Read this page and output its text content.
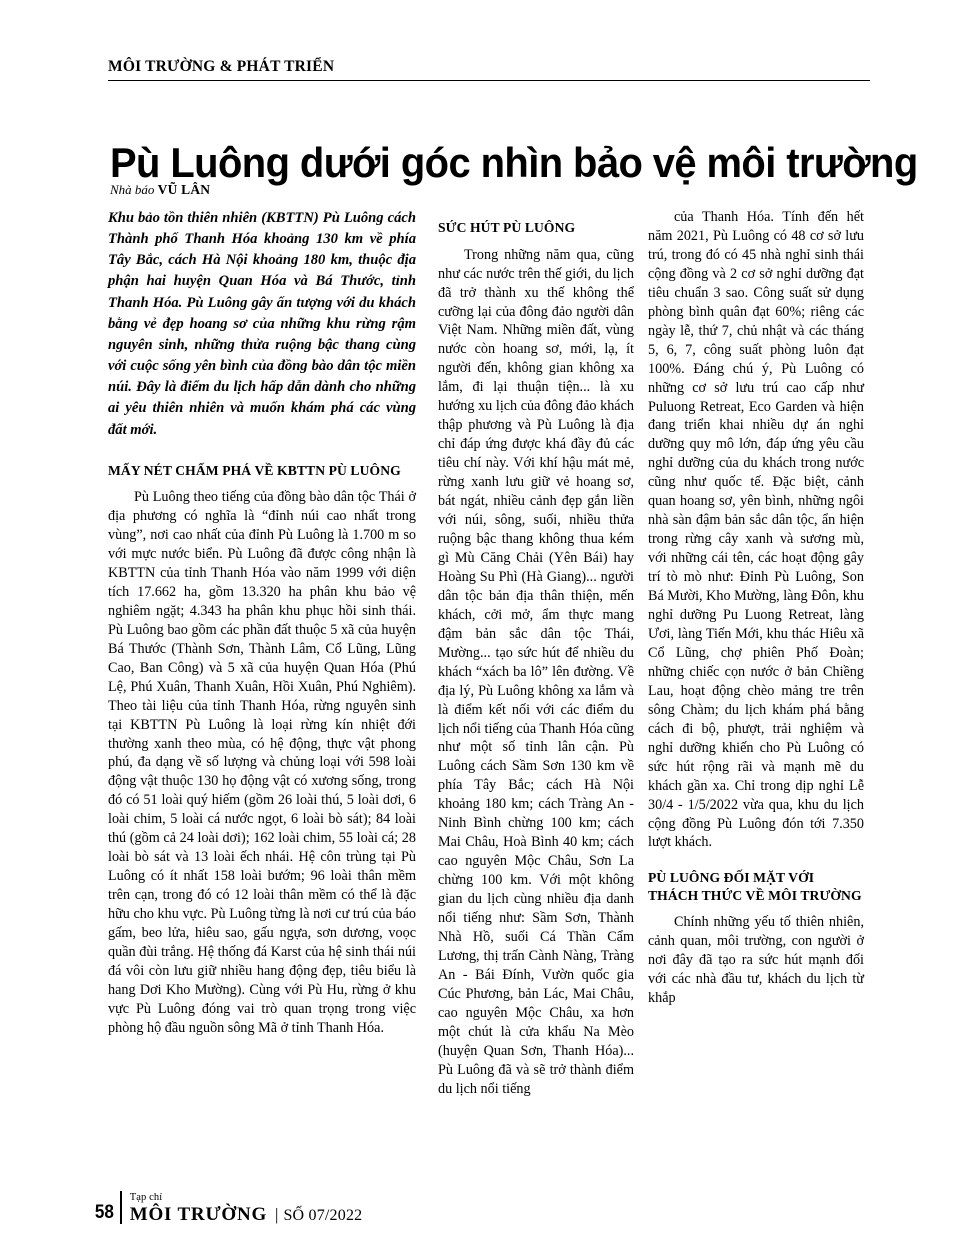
MÔI TRƯỜNG & PHÁT TRIỂN
Pù Luông dưới góc nhìn bảo vệ môi trường
Nhà báo VŨ LÂN

Khu bảo tồn thiên nhiên (KBTTN) Pù Luông cách Thành phố Thanh Hóa khoảng 130 km về phía Tây Bắc, cách Hà Nội khoảng 180 km, thuộc địa phận hai huyện Quan Hóa và Bá Thước, tỉnh Thanh Hóa. Pù Luông gây ấn tượng với du khách bằng vẻ đẹp hoang sơ của những khu rừng rậm nguyên sinh, những thửa ruộng bậc thang cùng với cuộc sống yên bình của đồng bào dân tộc miền núi. Đây là điểm du lịch hấp dẫn dành cho những ai yêu thiên nhiên và muốn khám phá các vùng đất mới.

MẤY NÉT CHẤM PHÁ VỀ KBTTN PÙ LUÔNG

Pù Luông theo tiếng của đồng bào dân tộc Thái ở địa phương có nghĩa là “đỉnh núi cao nhất trong vùng”, nơi cao nhất của đỉnh Pù Luông là 1.700 m so với mực nước biển. Pù Luông đã được công nhận là KBTTN của tỉnh Thanh Hóa vào năm 1999 với diện tích 17.662 ha, gồm 13.320 ha phân khu bảo vệ nghiêm ngặt; 4.343 ha phân khu phục hồi sinh thái. Pù Luông bao gồm các phần đất thuộc 5 xã của huyện Bá Thước (Thành Sơn, Thành Lâm, Cổ Lũng, Lũng Cao, Ban Công) và 5 xã của huyện Quan Hóa (Phú Lệ, Phú Xuân, Thanh Xuân, Hồi Xuân, Phú Nghiêm). Theo tài liệu của tỉnh Thanh Hóa, rừng nguyên sinh tại KBTTN Pù Luông là loại rừng kín nhiệt đới thường xanh theo mùa, có hệ động, thực vật phong phú, đa dạng về số lượng và chủng loại với 598 loài động vật thuộc 130 họ động vật có xương sống, trong đó có 51 loài quý hiếm (gồm 26 loài thú, 5 loài dơi, 6 loài chim, 5 loài cá nước ngọt, 6 loài bò sát); 84 loài thú (gồm cả 24 loài dơi); 162 loài chim, 55 loài cá; 28 loài bò sát và 13 loài ếch nhái. Hệ côn trùng tại Pù Luông có ít nhất 158 loài bướm; 96 loài thân mềm trên cạn, trong đó có 12 loài thân mềm có thể là đặc hữu cho khu vực. Pù Luông từng là nơi cư trú của báo gấm, beo lửa, hiêu sao, gấu ngựa, sơn dương, voọc quần đùi trắng. Hệ thống đá Karst của hệ sinh thái núi đá vôi còn lưu giữ nhiều hang động đẹp, tiêu biểu là hang Dơi Kho Mường). Cùng với Pù Hu, rừng ở khu vực Pù Luông đóng vai trò quan trọng trong việc phòng hộ đầu nguồn sông Mã ở tỉnh Thanh Hóa.

SỨC HÚT PÙ LUÔNG

Trong những năm qua, cũng như các nước trên thế giới, du lịch đã trở thành xu thế không thể cưỡng lại của đông đảo người dân Việt Nam. Những miền đất, vùng nước còn hoang sơ, mới, lạ, ít người đến, không gian không xa lắm, đi lại thuận tiện... là xu hướng xu lịch của đông đảo khách thập phương và Pù Luông là địa chỉ đáp ứng được khá đầy đủ các tiêu chí này. Với khí hậu mát mẻ, rừng xanh lưu giữ vẻ hoang sơ, bát ngát, nhiều cảnh đẹp gắn liền với núi, sông, suối, nhiều thửa ruộng bậc thang không thua kém gì Mù Căng Chải (Yên Bái) hay Hoàng Su Phì (Hà Giang)... người dân tộc bản địa thân thiện, mến khách, cởi mở, ẩm thực mang đậm bản sắc dân tộc Thái, Mường... tạo sức hút để nhiều du khách “xách ba lô” lên đường. Về địa lý, Pù Luông không xa lắm và là điểm kết nối với các điểm du lịch nổi tiếng của Thanh Hóa cũng như một số tỉnh lân cận. Pù Luông cách Sầm Sơn 130 km về phía Tây Bắc; cách Hà Nội khoảng 180 km; cách Tràng An - Ninh Bình chừng 100 km; cách Mai Châu, Hoà Bình 40 km; cách cao nguyên Mộc Châu, Sơn La chừng 100 km. Với một không gian du lịch cùng nhiều địa danh nổi tiếng như: Sầm Sơn, Thành Nhà Hồ, suối Cá Thần Cẩm Lương, thị trấn Cành Nàng, Tràng An - Bái Đính, Vườn quốc gia Cúc Phương, bản Lác, Mai Châu, cao nguyên Mộc Châu, xa hơn một chút là cửa khẩu Na Mèo (huyện Quan Sơn, Thanh Hóa)... Pù Luông đã và sẽ trở thành điểm du lịch nổi tiếng

của Thanh Hóa. Tính đến hết năm 2021, Pù Luông có 48 cơ sở lưu trú, trong đó có 45 nhà nghỉ sinh thái cộng đồng và 2 cơ sở nghỉ dưỡng đạt tiêu chuẩn 3 sao. Công suất sử dụng phòng bình quân đạt 60%; riêng các ngày lễ, thứ 7, chủ nhật và các tháng 5, 6, 7, công suất phòng luôn đạt 100%. Đáng chú ý, Pù Luông có những cơ sở lưu trú cao cấp như Puluong Retreat, Eco Garden và hiện đang triển khai nhiều dự án nghỉ dưỡng quy mô lớn, đáp ứng yêu cầu nghỉ dưỡng của du khách trong nước cũng như quốc tế. Đặc biệt, cảnh quan hoang sơ, yên bình, những ngôi nhà sàn đậm bản sắc dân tộc, ẩn hiện trong rừng cây xanh và sương mù, với những cái tên, các hoạt động gây trí tò mò như: Đỉnh Pù Luông, Son Bá Mười, Kho Mường, làng Đôn, khu nghỉ dưỡng Pu Luong Retreat, làng Ươi, làng Tiến Mới, khu thác Hiêu xã Cổ Lũng, chợ phiên Phố Đoàn; những chiếc cọn nước ở bản Chiềng Lau, hoạt động chèo mảng tre trên sông Chàm; du lịch khám phá bằng cách đi bộ, phượt, trải nghiệm và nghỉ dưỡng khiến cho Pù Luông có sức hút rộng rãi và mạnh mẽ du khách gần xa. Chỉ trong dịp nghỉ Lễ 30/4 - 1/5/2022 vừa qua, khu du lịch cộng đồng Pù Luông đón tới 7.350 lượt khách.

PÙ LUÔNG ĐỐI MẶT VỚI THÁCH THỨC VỀ MÔI TRƯỜNG

Chính những yếu tố thiên nhiên, cảnh quan, môi trường, con người ở nơi đây đã tạo ra sức hút mạnh đối với các nhà đầu tư, khách du lịch từ khắp

58
Tạp chí
MÔI TRƯỜNG | SỐ 07/2022
